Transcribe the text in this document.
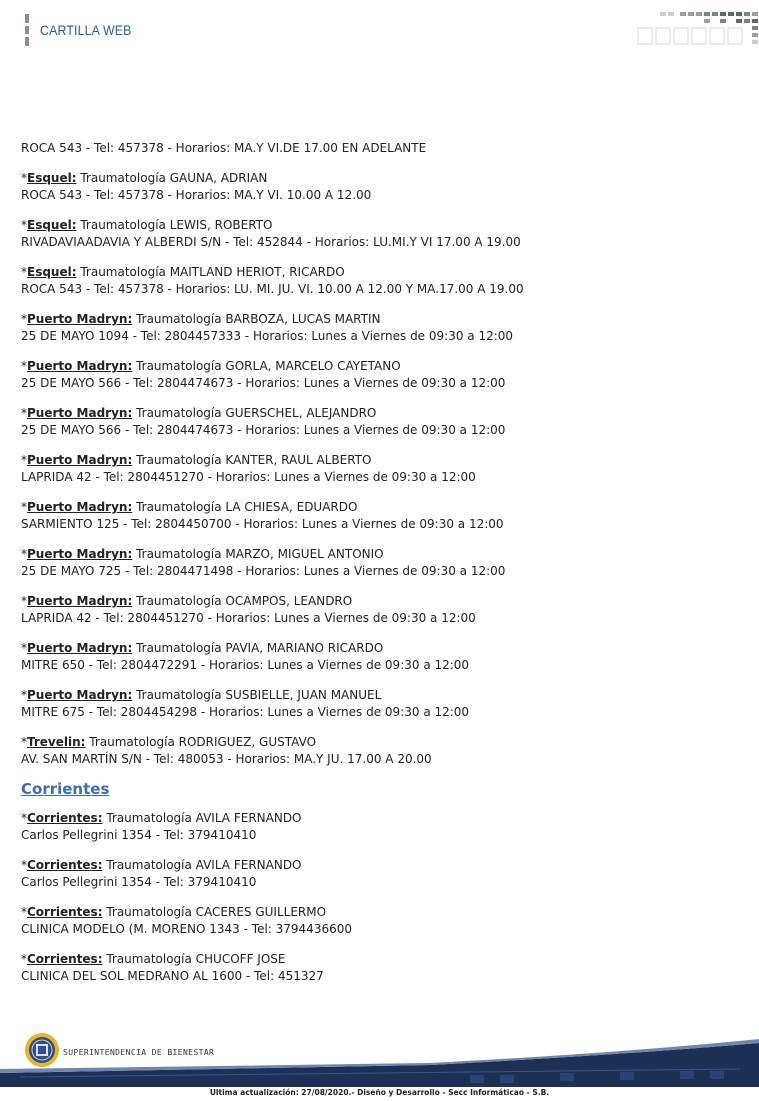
CARTILLA WEB
ROCA 543 - Tel: 457378 - Horarios: MA.Y VI.DE 17.00 EN ADELANTE
*Esquel: Traumatología GAUNA, ADRIAN
ROCA 543 - Tel: 457378 - Horarios: MA.Y VI. 10.00 A 12.00
*Esquel: Traumatología LEWIS, ROBERTO
RIVADAVIAADAVIA Y ALBERDI S/N - Tel: 452844 - Horarios: LU.MI.Y VI 17.00 A 19.00
*Esquel: Traumatología MAITLAND HERIOT, RICARDO
ROCA 543 - Tel: 457378 - Horarios: LU. MI. JU. VI. 10.00 A 12.00 Y MA.17.00 A 19.00
*Puerto Madryn: Traumatología BARBOZA, LUCAS MARTIN
25 DE MAYO 1094 - Tel: 2804457333 - Horarios: Lunes a Viernes de 09:30 a 12:00
*Puerto Madryn: Traumatología GORLA, MARCELO CAYETANO
25 DE MAYO 566 - Tel: 2804474673 - Horarios: Lunes a Viernes de 09:30 a 12:00
*Puerto Madryn: Traumatología GUERSCHEL, ALEJANDRO
25 DE MAYO 566 - Tel: 2804474673 - Horarios: Lunes a Viernes de 09:30 a 12:00
*Puerto Madryn: Traumatología KANTER, RAUL ALBERTO
LAPRIDA 42 - Tel: 2804451270 - Horarios: Lunes a Viernes de 09:30 a 12:00
*Puerto Madryn: Traumatología LA CHIESA, EDUARDO
SARMIENTO 125 - Tel: 2804450700 - Horarios: Lunes a Viernes de 09:30 a 12:00
*Puerto Madryn: Traumatología MARZO, MIGUEL ANTONIO
25 DE MAYO 725 - Tel: 2804471498 - Horarios: Lunes a Viernes de 09:30 a 12:00
*Puerto Madryn: Traumatología OCAMPOS, LEANDRO
LAPRIDA 42 - Tel: 2804451270 - Horarios: Lunes a Viernes de 09:30 a 12:00
*Puerto Madryn: Traumatología PAVIA, MARIANO RICARDO
MITRE 650 - Tel: 2804472291 - Horarios: Lunes a Viernes de 09:30 a 12:00
*Puerto Madryn: Traumatología SUSBIELLE, JUAN MANUEL
MITRE 675 - Tel: 2804454298 - Horarios: Lunes a Viernes de 09:30 a 12:00
*Trevelin: Traumatología RODRIGUEZ, GUSTAVO
AV. SAN MARTÍN S/N - Tel: 480053 - Horarios: MA.Y JU. 17.00 A 20.00
Corrientes
*Corrientes: Traumatología AVILA FERNANDO
Carlos Pellegrini 1354 - Tel: 379410410
*Corrientes: Traumatología AVILA FERNANDO
Carlos Pellegrini 1354 - Tel: 379410410
*Corrientes: Traumatología CACERES GUILLERMO
CLINICA MODELO (M. MORENO 1343 - Tel: 3794436600
*Corrientes: Traumatología CHUCOFF JOSE
CLINICA DEL SOL MEDRANO AL 1600 - Tel: 451327
SUPERINTENDENCIA DE BIENESTAR
Ultima actualización: 27/08/2020.- Diseño y Desarrollo - Secc Informáticao - S.B.
